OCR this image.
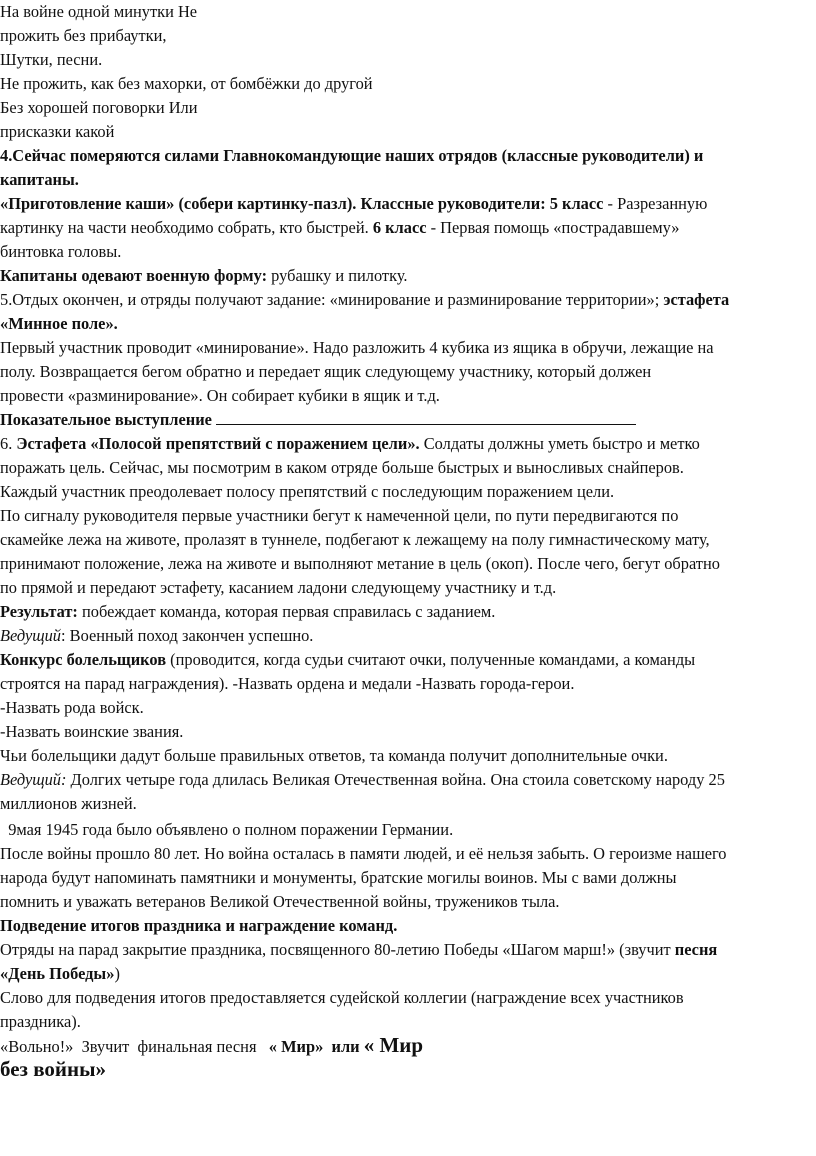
На войне одной минутки Не
прожить без прибаутки,
Шутки, песни.
Не прожить, как без махорки, от бомбёжки до другой
Без хорошей поговорки Или
присказки какой
4.Сейчас померяются силами Главнокомандующие наших отрядов (классные руководители) и
капитаны.
«Приготовление каши» (собери картинку-пазл). Классные руководители: 5 класс - Разрезанную
картинку на части необходимо собрать, кто быстрей. 6 класс - Первая помощь «пострадавшему»
бинтовка головы.
Капитаны одевают военную форму: рубашку и пилотку.
5.Отдых окончен, и отряды получают задание: «минирование и разминирование территории»; эстафета
«Минное поле».
Первый участник проводит «минирование». Надо разложить 4 кубика из ящика в обручи, лежащие на
полу. Возвращается бегом обратно и передает ящик следующему участнику, который должен
провести «разминирование». Он собирает кубики в ящик и т.д.
Показательное выступление
6. Эстафета «Полосой препятствий с поражением цели». Солдаты должны уметь быстро и метко
поражать цель. Сейчас, мы посмотрим в каком отряде больше быстрых и выносливых снайперов.
Каждый участник преодолевает полосу препятствий с последующим поражением цели.
По сигналу руководителя первые участники бегут к намеченной цели, по пути передвигаются по
скамейке лежа на животе, пролазят в туннеле, подбегают к лежащему на полу гимнастическому мату,
принимают положение, лежа на животе и выполняют метание в цель (окоп). После чего, бегут обратно
по прямой и передают эстафету, касанием ладони следующему участнику и т.д.
Результат: побеждает команда, которая первая справилась с заданием.
Ведущий: Военный поход закончен успешно.
Конкурс болельщиков (проводится, когда судьи считают очки, полученные командами, а команды
строятся на парад награждения). -Назвать ордена и медали -Назвать города-герои.
-Назвать рода войск.
-Назвать воинские звания.
Чьи болельщики дадут больше правильных ответов, та команда получит дополнительные очки.
Ведущий: Долгих четыре года длилась Великая Отечественная война. Она стоила советскому народу 25
миллионов жизней.
9мая 1945 года было объявлено о полном поражении Германии.
После войны прошло 80 лет. Но война осталась в памяти людей, и её нельзя забыть. О героизме нашего
народа будут напоминать памятники и монументы, братские могилы воинов. Мы с вами должны
помнить и уважать ветеранов Великой Отечественной войны, тружеников тыла.
Подведение итогов праздника и награждение команд.
Отряды на парад закрытие праздника, посвященного 80-летию Победы «Шагом марш!» (звучит песня
«День Победы»)
Слово для подведения итогов предоставляется судейской коллегии (награждение всех участников
праздника).
«Вольно!»  Звучит  финальная песня   « Мир»  или « Мир
без войны»
